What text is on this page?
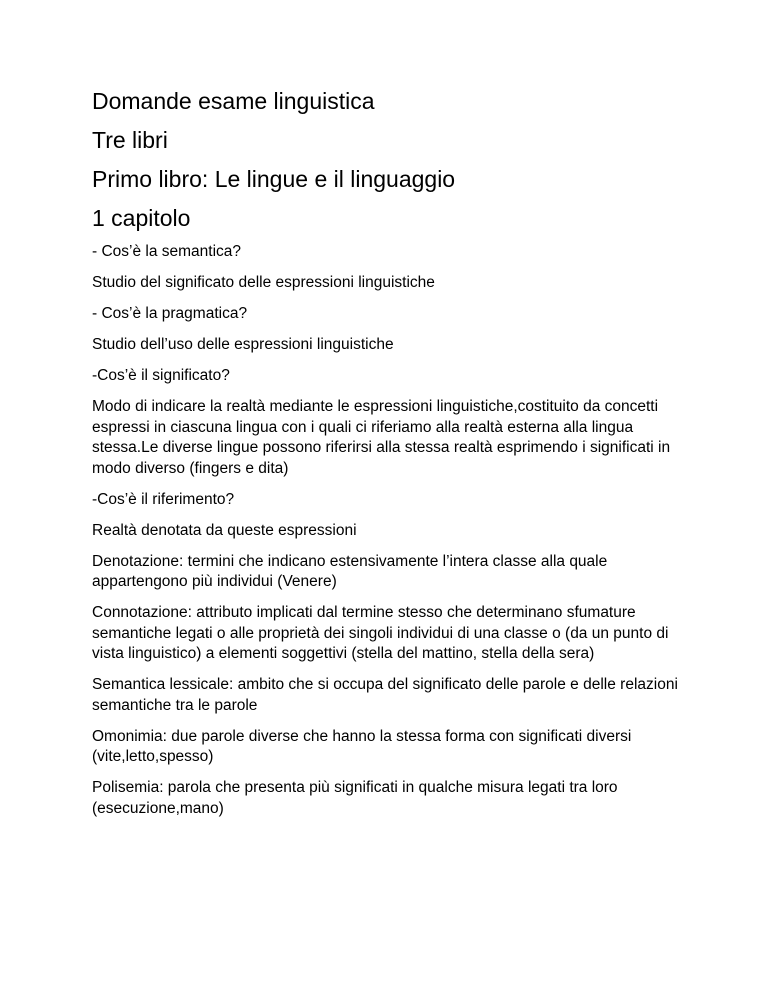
Domande esame linguistica
Tre libri
Primo libro: Le lingue e il linguaggio
1 capitolo

- Cos’è la semantica?

Studio del significato delle espressioni linguistiche

- Cos’è la pragmatica?

Studio dell’uso delle espressioni linguistiche

-Cos’è il significato?

Modo di indicare la realtà mediante le espressioni linguistiche,costituito da concetti espressi in ciascuna lingua con i quali ci riferiamo alla realtà esterna alla lingua stessa.Le diverse lingue possono riferirsi alla stessa realtà esprimendo i significati in modo diverso (fingers e dita)

-Cos’è il riferimento?

Realtà denotata da queste espressioni

Denotazione: termini che indicano estensivamente l’intera classe alla quale appartengono più individui (Venere)

Connotazione: attributo implicati dal termine stesso che determinano sfumature semantiche legati o alle proprietà dei singoli individui di una classe o (da un punto di vista linguistico) a elementi soggettivi (stella del mattino, stella della sera)

Semantica lessicale: ambito che si occupa del significato delle parole e delle relazioni semantiche tra le parole

Omonimia: due parole diverse che hanno la stessa forma con significati diversi (vite,letto,spesso)

Polisemia: parola che presenta più significati in qualche misura legati tra loro (esecuzione,mano)
